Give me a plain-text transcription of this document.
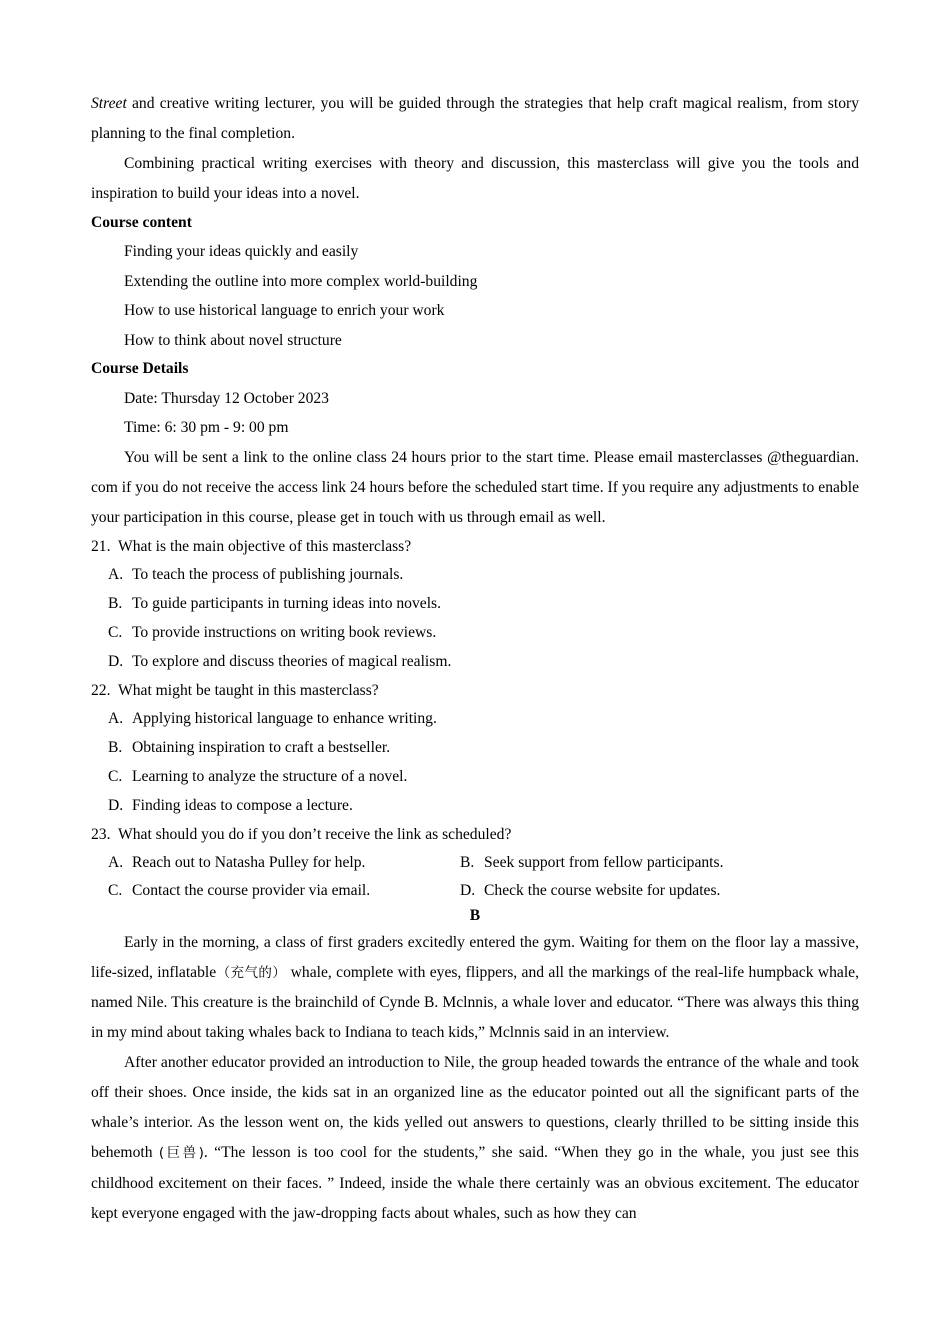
Street and creative writing lecturer, you will be guided through the strategies that help craft magical realism, from story planning to the final completion.

Combining practical writing exercises with theory and discussion, this masterclass will give you the tools and inspiration to build your ideas into a novel.

Course content
Finding your ideas quickly and easily
Extending the outline into more complex world-building
How to use historical language to enrich your work
How to think about novel structure
Course Details
Date: Thursday 12 October 2023
Time: 6: 30 pm - 9: 00 pm

You will be sent a link to the online class 24 hours prior to the start time. Please email masterclasses @theguardian. com if you do not receive the access link 24 hours before the scheduled start time. If you require any adjustments to enable your participation in this course, please get in touch with us through email as well.

21. What is the main objective of this masterclass?
A. To teach the process of publishing journals.
B. To guide participants in turning ideas into novels.
C. To provide instructions on writing book reviews.
D. To explore and discuss theories of magical realism.
22. What might be taught in this masterclass?
A. Applying historical language to enhance writing.
B. Obtaining inspiration to craft a bestseller.
C. Learning to analyze the structure of a novel.
D. Finding ideas to compose a lecture.
23. What should you do if you don’t receive the link as scheduled?
A. Reach out to Natasha Pulley for help.	B. Seek support from fellow participants.
C. Contact the course provider via email.	D. Check the course website for updates.
B

Early in the morning, a class of first graders excitedly entered the gym. Waiting for them on the floor lay a massive, life-sized, inflatable（充气的） whale, complete with eyes, flippers, and all the markings of the real-life humpback whale, named Nile. This creature is the brainchild of Cynde B. Mclnnis, a whale lover and educator. “There was always this thing in my mind about taking whales back to Indiana to teach kids,” Mclnnis said in an interview.

After another educator provided an introduction to Nile, the group headed towards the entrance of the whale and took off their shoes. Once inside, the kids sat in an organized line as the educator pointed out all the significant parts of the whale’s interior. As the lesson went on, the kids yelled out answers to questions, clearly thrilled to be sitting inside this behemoth (巨兽). “The lesson is too cool for the students,” she said. “When they go in the whale, you just see this childhood excitement on their faces. ” Indeed, inside the whale there certainly was an obvious excitement. The educator kept everyone engaged with the jaw-dropping facts about whales, such as how they can
